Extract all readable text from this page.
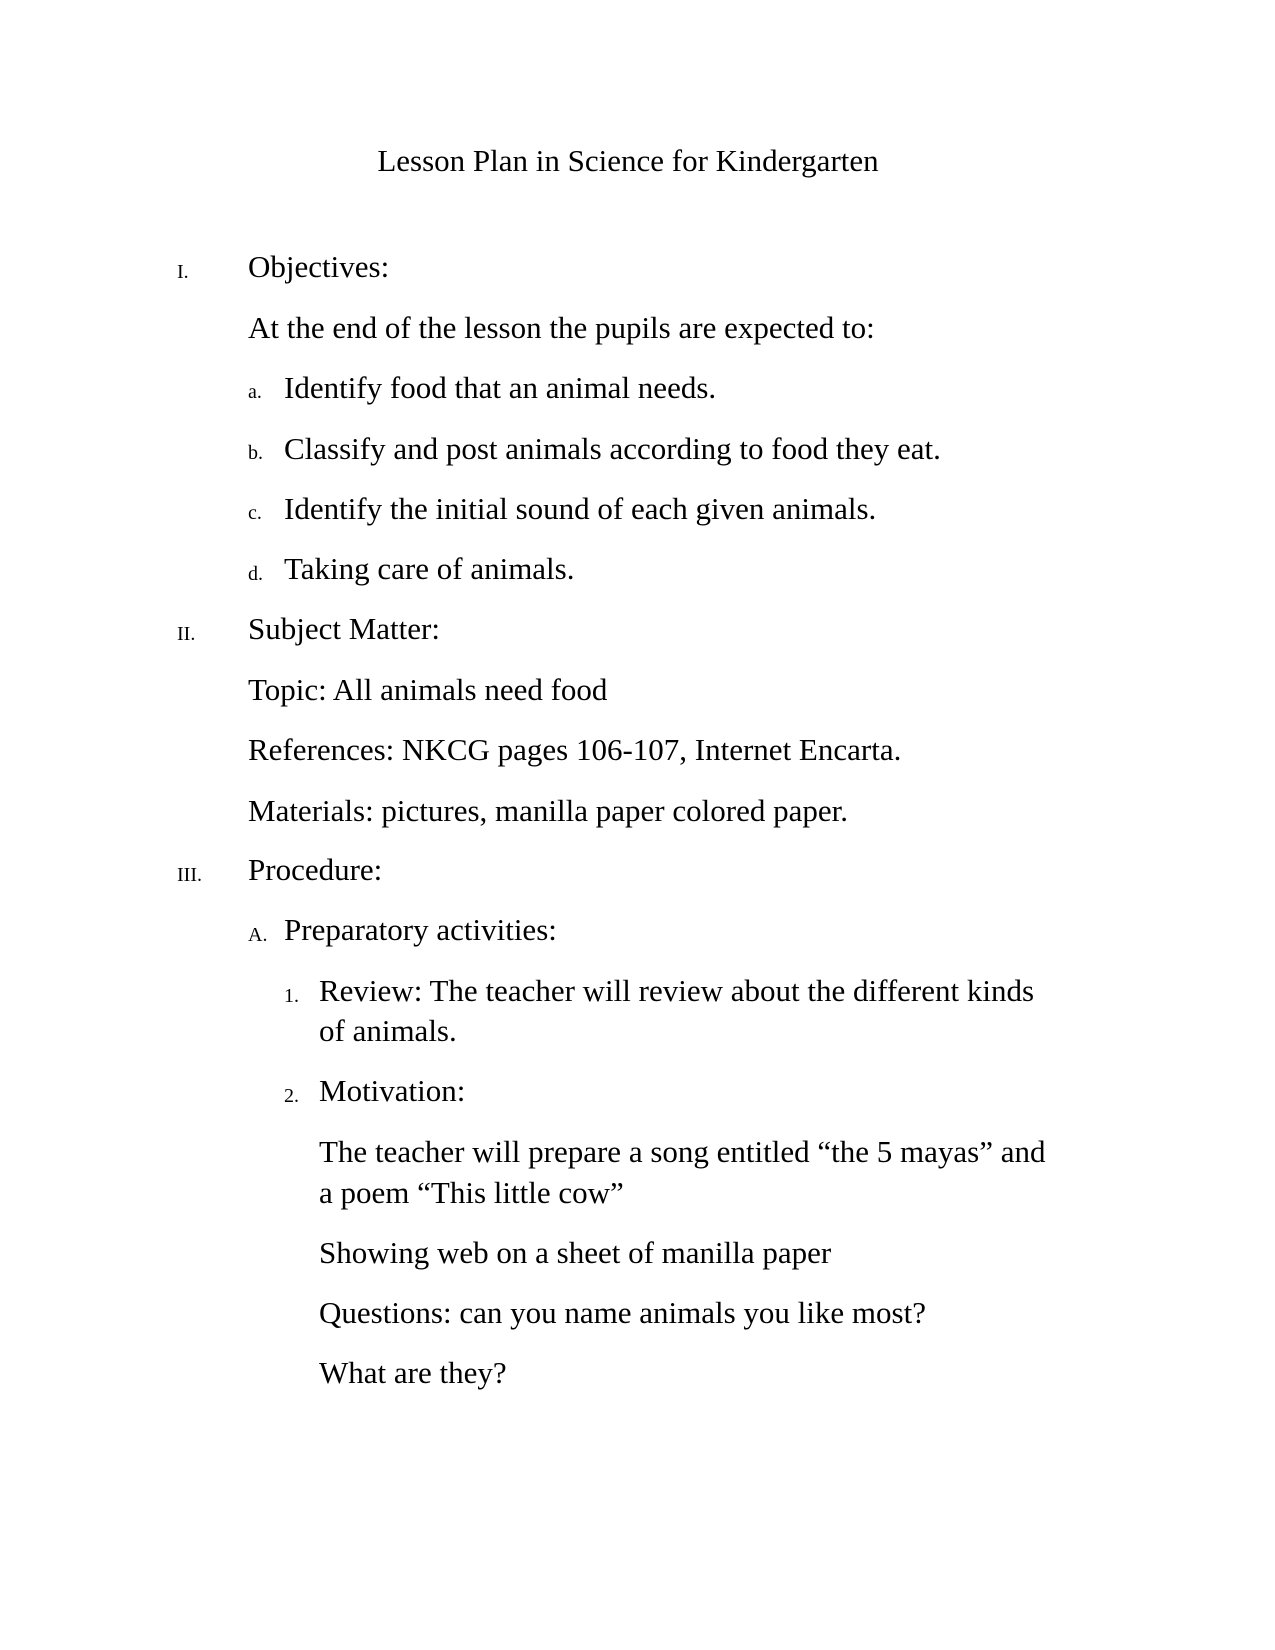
Lesson Plan in Science for Kindergarten
I. Objectives:
At the end of the lesson the pupils are expected to:
a. Identify food that an animal needs.
b. Classify and post animals according to food they eat.
c. Identify the initial sound of each given animals.
d. Taking care of animals.
II. Subject Matter:
Topic: All animals need food
References: NKCG pages 106-107, Internet Encarta.
Materials: pictures, manilla paper colored paper.
III. Procedure:
A. Preparatory activities:
1. Review: The teacher will review about the different kinds
of animals.
2. Motivation:
The teacher will prepare a song entitled “the 5 mayas” and
a poem “This little cow”
Showing web on a sheet of manilla paper
Questions: can you name animals you like most?
What are they?
